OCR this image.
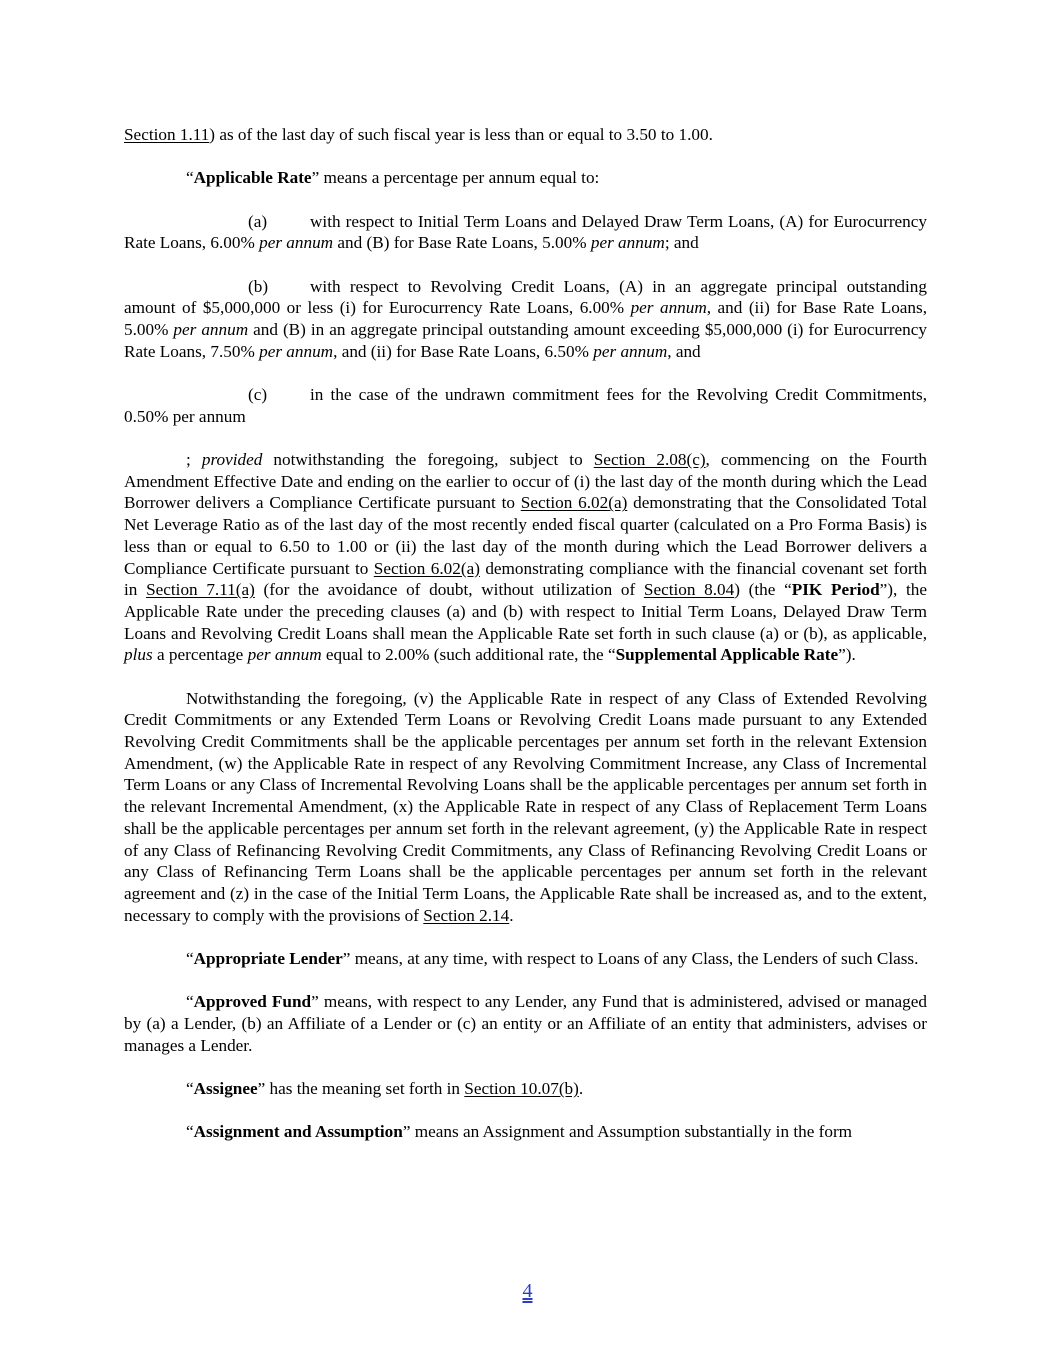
Section 1.11) as of the last day of such fiscal year is less than or equal to 3.50 to 1.00.

“Applicable Rate” means a percentage per annum equal to:

(a) with respect to Initial Term Loans and Delayed Draw Term Loans, (A) for Eurocurrency Rate Loans, 6.00% per annum and (B) for Base Rate Loans, 5.00% per annum; and

(b) with respect to Revolving Credit Loans, (A) in an aggregate principal outstanding amount of $5,000,000 or less (i) for Eurocurrency Rate Loans, 6.00% per annum, and (ii) for Base Rate Loans, 5.00% per annum and (B) in an aggregate principal outstanding amount exceeding $5,000,000 (i) for Eurocurrency Rate Loans, 7.50% per annum, and (ii) for Base Rate Loans, 6.50% per annum, and

(c) in the case of the undrawn commitment fees for the Revolving Credit Commitments, 0.50% per annum

; provided notwithstanding the foregoing, subject to Section 2.08(c), commencing on the Fourth Amendment Effective Date and ending on the earlier to occur of (i) the last day of the month during which the Lead Borrower delivers a Compliance Certificate pursuant to Section 6.02(a) demonstrating that the Consolidated Total Net Leverage Ratio as of the last day of the most recently ended fiscal quarter (calculated on a Pro Forma Basis) is less than or equal to 6.50 to 1.00 or (ii) the last day of the month during which the Lead Borrower delivers a Compliance Certificate pursuant to Section 6.02(a) demonstrating compliance with the financial covenant set forth in Section 7.11(a) (for the avoidance of doubt, without utilization of Section 8.04) (the “PIK Period”), the Applicable Rate under the preceding clauses (a) and (b) with respect to Initial Term Loans, Delayed Draw Term Loans and Revolving Credit Loans shall mean the Applicable Rate set forth in such clause (a) or (b), as applicable, plus a percentage per annum equal to 2.00% (such additional rate, the “Supplemental Applicable Rate”).

Notwithstanding the foregoing, (v) the Applicable Rate in respect of any Class of Extended Revolving Credit Commitments or any Extended Term Loans or Revolving Credit Loans made pursuant to any Extended Revolving Credit Commitments shall be the applicable percentages per annum set forth in the relevant Extension Amendment, (w) the Applicable Rate in respect of any Revolving Commitment Increase, any Class of Incremental Term Loans or any Class of Incremental Revolving Loans shall be the applicable percentages per annum set forth in the relevant Incremental Amendment, (x) the Applicable Rate in respect of any Class of Replacement Term Loans shall be the applicable percentages per annum set forth in the relevant agreement, (y) the Applicable Rate in respect of any Class of Refinancing Revolving Credit Commitments, any Class of Refinancing Revolving Credit Loans or any Class of Refinancing Term Loans shall be the applicable percentages per annum set forth in the relevant agreement and (z) in the case of the Initial Term Loans, the Applicable Rate shall be increased as, and to the extent, necessary to comply with the provisions of Section 2.14.

“Appropriate Lender” means, at any time, with respect to Loans of any Class, the Lenders of such Class.

“Approved Fund” means, with respect to any Lender, any Fund that is administered, advised or managed by (a) a Lender, (b) an Affiliate of a Lender or (c) an entity or an Affiliate of an entity that administers, advises or manages a Lender.

“Assignee” has the meaning set forth in Section 10.07(b).

“Assignment and Assumption” means an Assignment and Assumption substantially in the form

4
